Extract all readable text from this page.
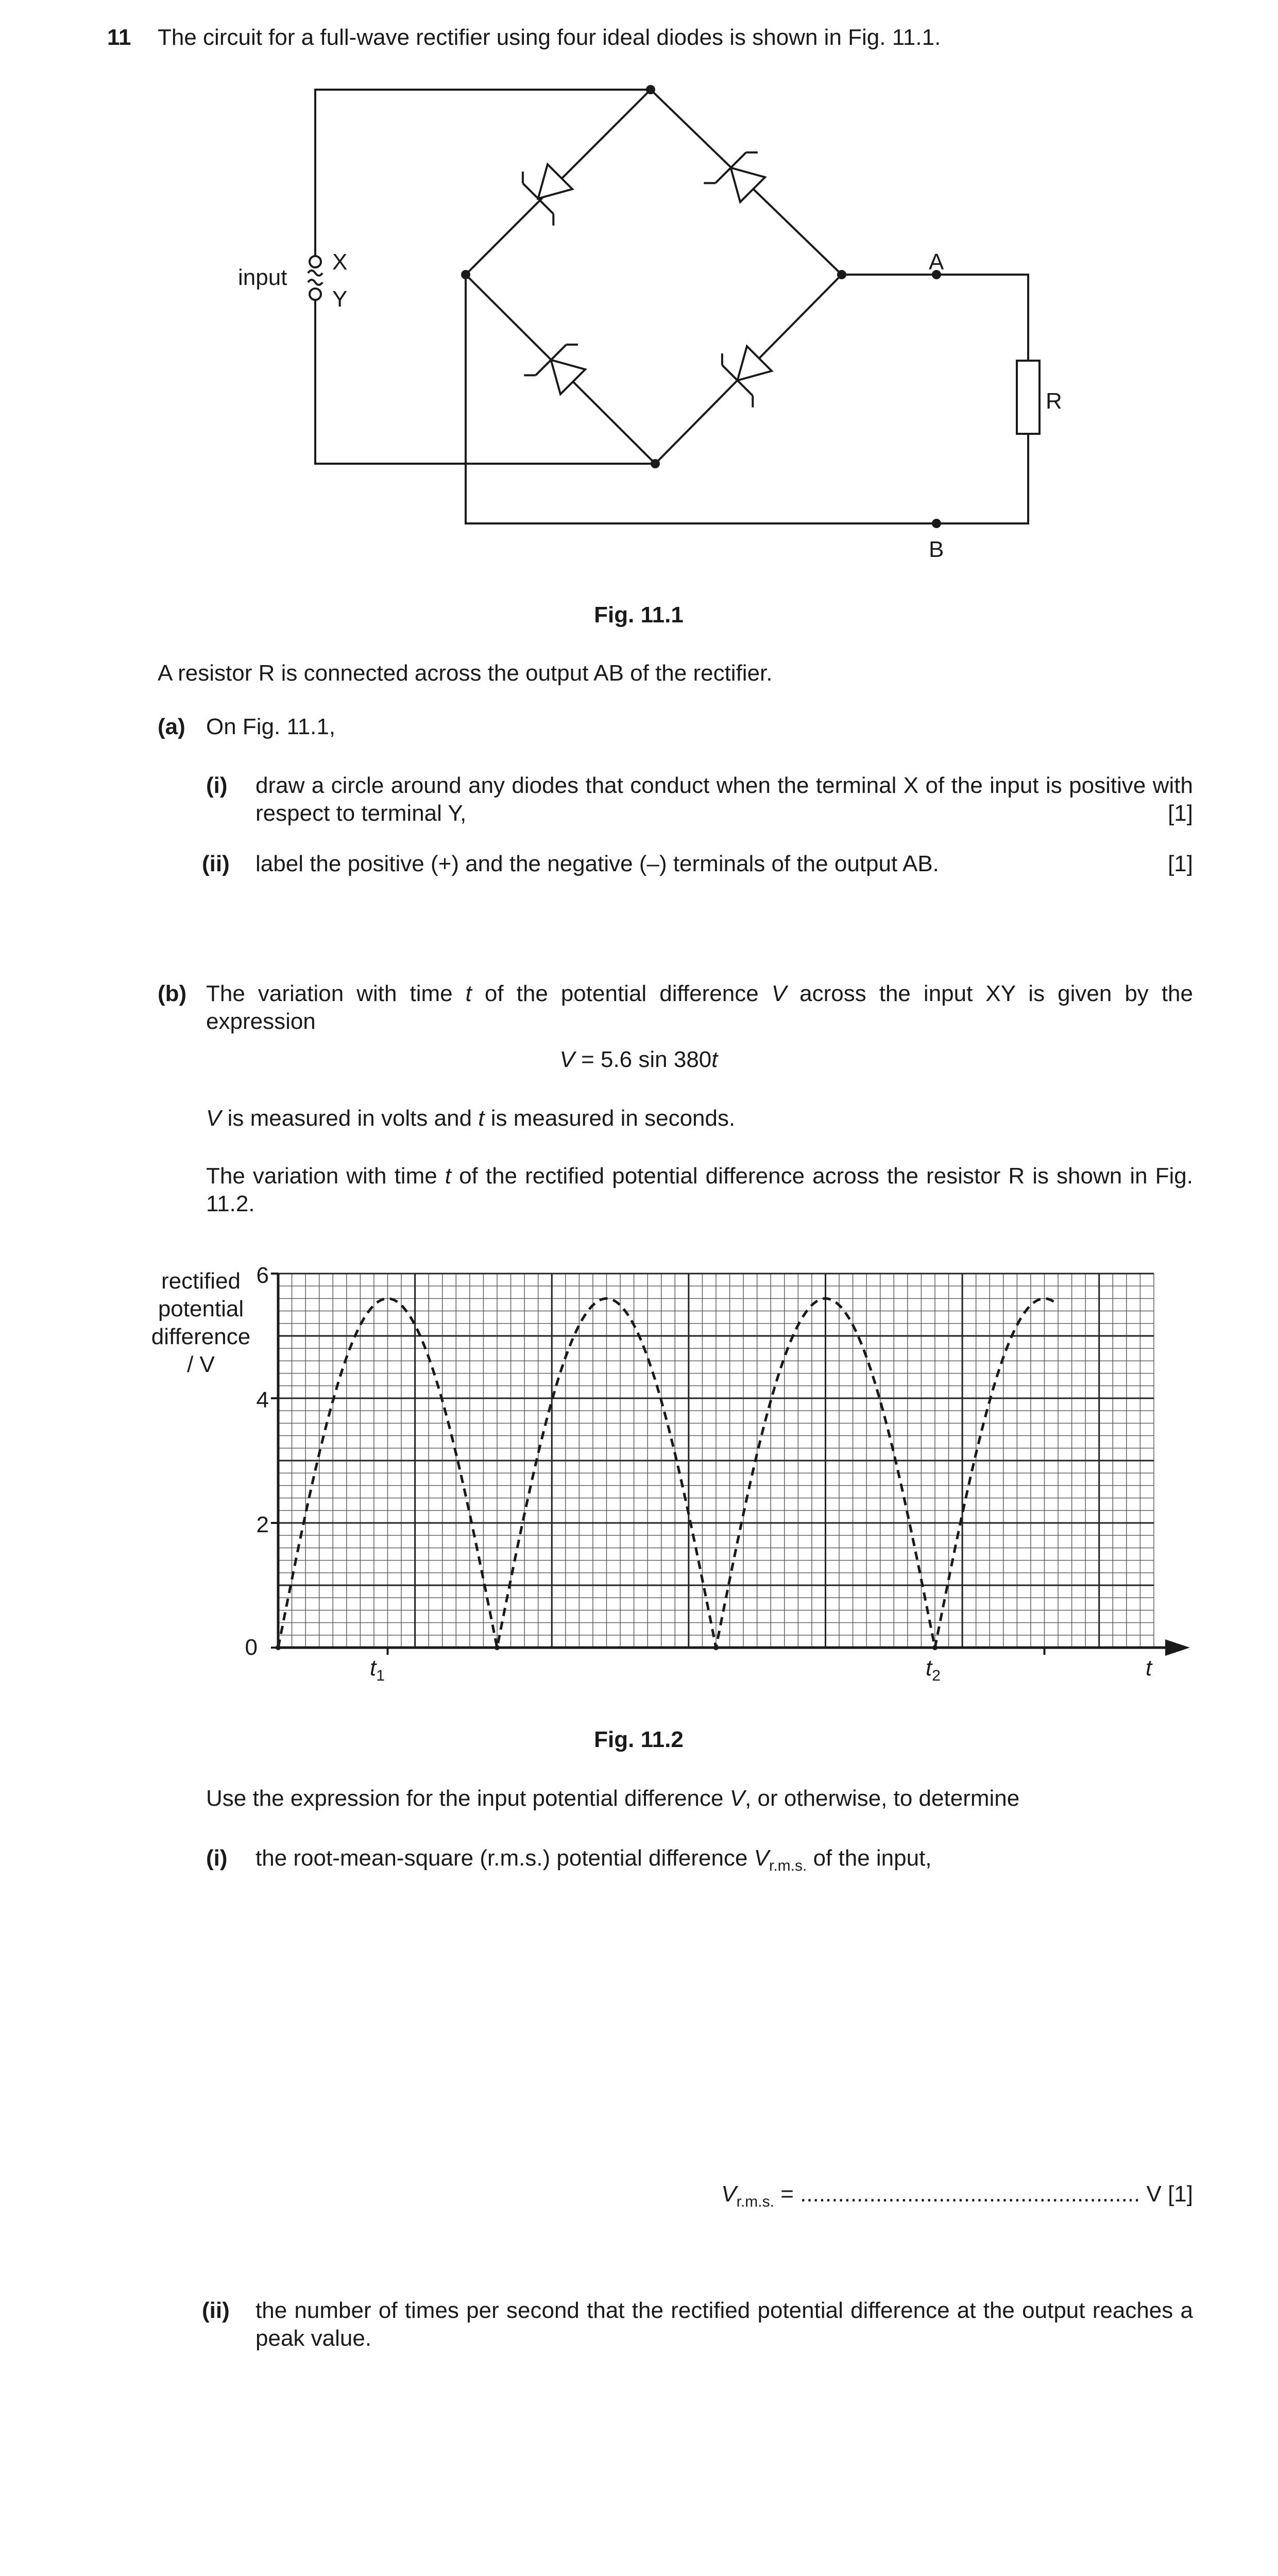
11 The circuit for a full-wave rectifier using four ideal diodes is shown in Fig. 11.1.
input
X
Y
A
B
R
Fig. 11.1
A resistor R is connected across the output AB of the rectifier.
(a) On Fig. 11.1,
(i) draw a circle around any diodes that conduct when the terminal X of the input is positive with respect to terminal Y,	[1]
(ii) label the positive (+) and the negative (–) terminals of the output AB.	[1]
(b) The variation with time t of the potential difference V across the input XY is given by the expression
V = 5.6 sin 380t
V is measured in volts and t is measured in seconds.
The variation with time t of the rectified potential difference across the resistor R is shown in Fig. 11.2.
rectified
potential
difference
/ V
0
2
4
6
$t_1$	$t_2$	t
Fig. 11.2
Use the expression for the input potential difference V, or otherwise, to determine
(i) the root-mean-square (r.m.s.) potential difference $V_{r.m.s.}$ of the input,
$V_{r.m.s.}$ = ...................................................... V [1]
(ii) the number of times per second that the rectified potential difference at the output reaches a peak value.
